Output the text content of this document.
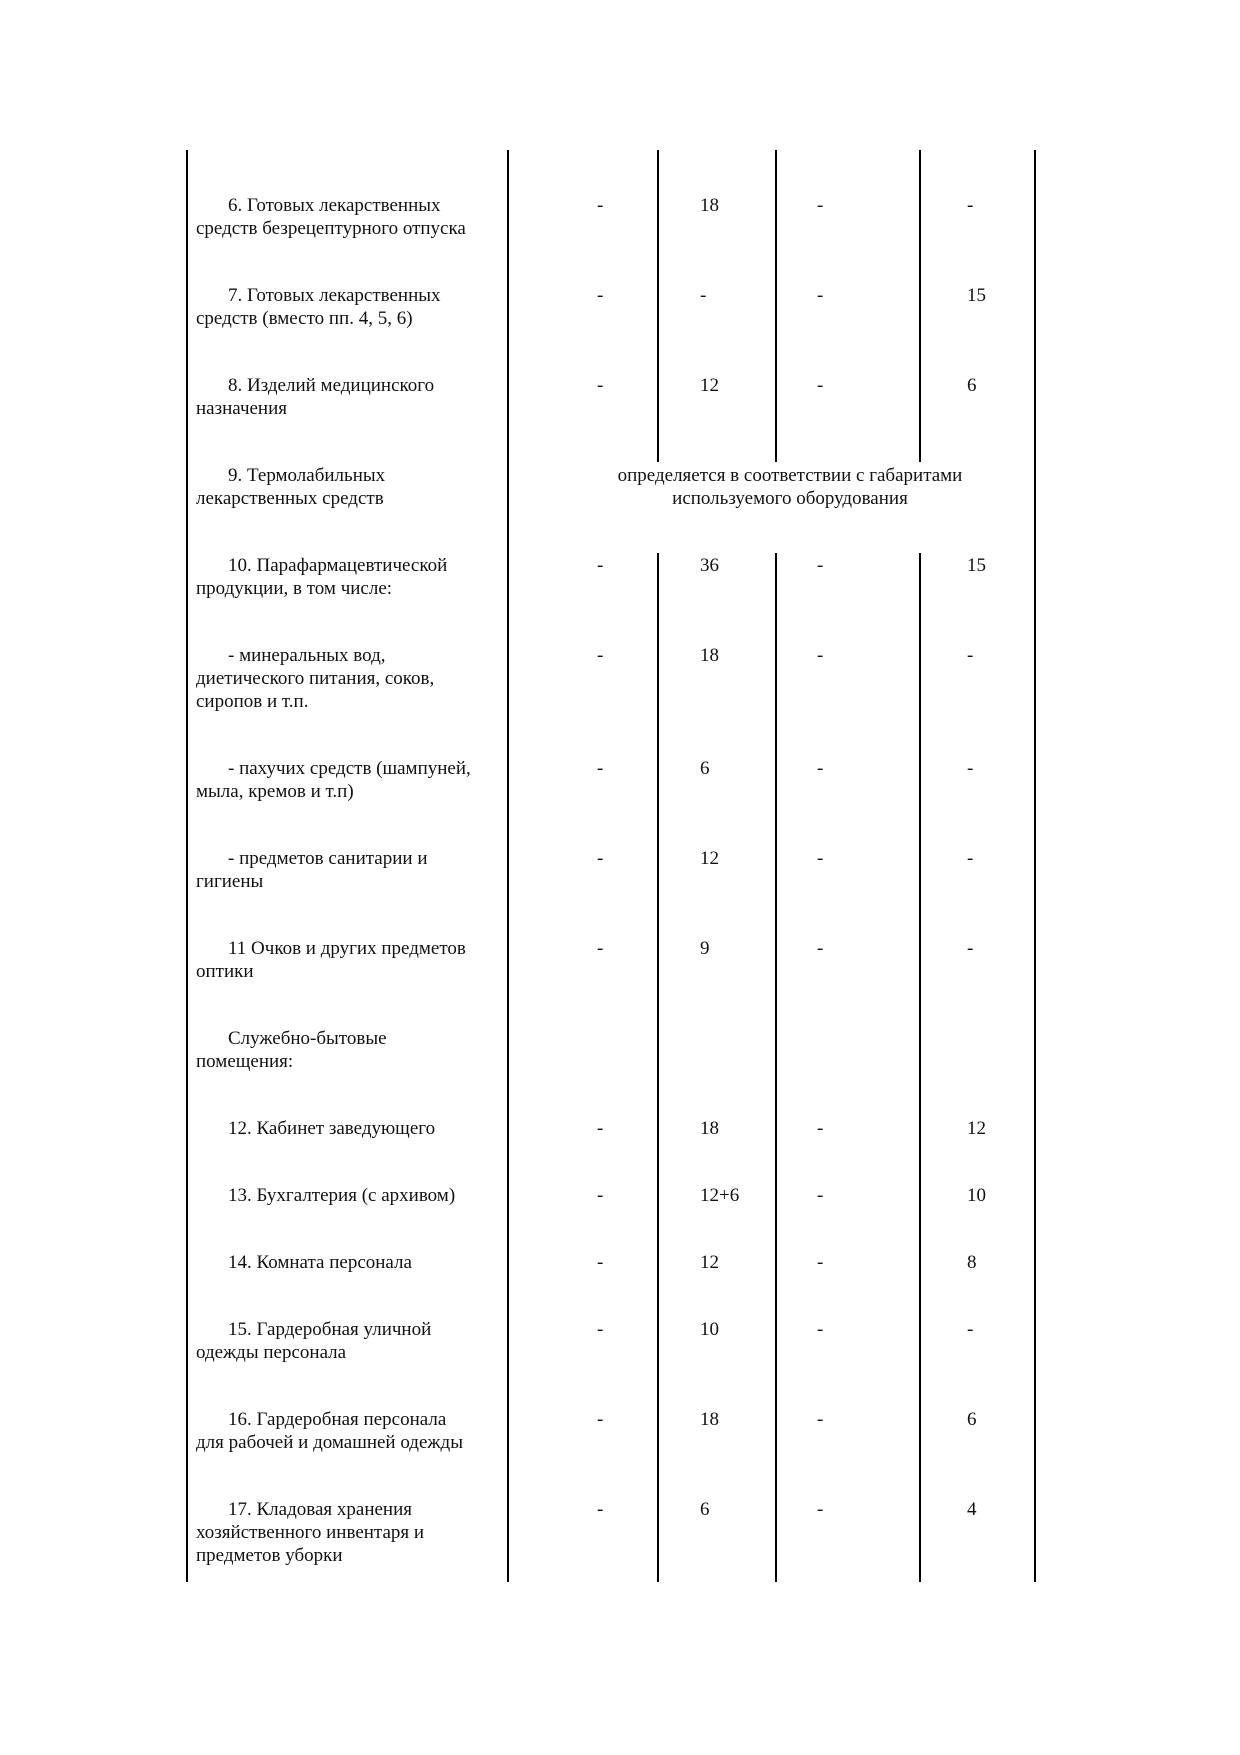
6. Готовых лекарственных
средств безрецептурного отпуска
-	18	-	-
7. Готовых лекарственных
средств (вместо пп. 4, 5, 6)
-	-	-	15
8. Изделий медицинского
назначения
-	12	-	6
9. Термолабильных
лекарственных средств
определяется в соответствии с габаритами
используемого оборудования
10. Парафармацевтической
продукции, в том числе:
-	36	-	15
- минеральных вод,
диетического питания, соков,
сиропов и т.п.
-	18	-	-
- пахучих средств (шампуней,
мыла, кремов и т.п)
-	6	-	-
- предметов санитарии и
гигиены
-	12	-	-
11 Очков и других предметов
оптики
-	9	-	-
Служебно-бытовые
помещения:
12. Кабинет заведующего	-	18	-	12
13. Бухгалтерия (с архивом)	-	12+6	-	10
14. Комната персонала	-	12	-	8
15. Гардеробная уличной
одежды персонала
-	10	-	-
16. Гардеробная персонала
для рабочей и домашней одежды
-	18	-	6
17. Кладовая хранения
хозяйственного инвентаря и
предметов уборки
-	6	-	4
